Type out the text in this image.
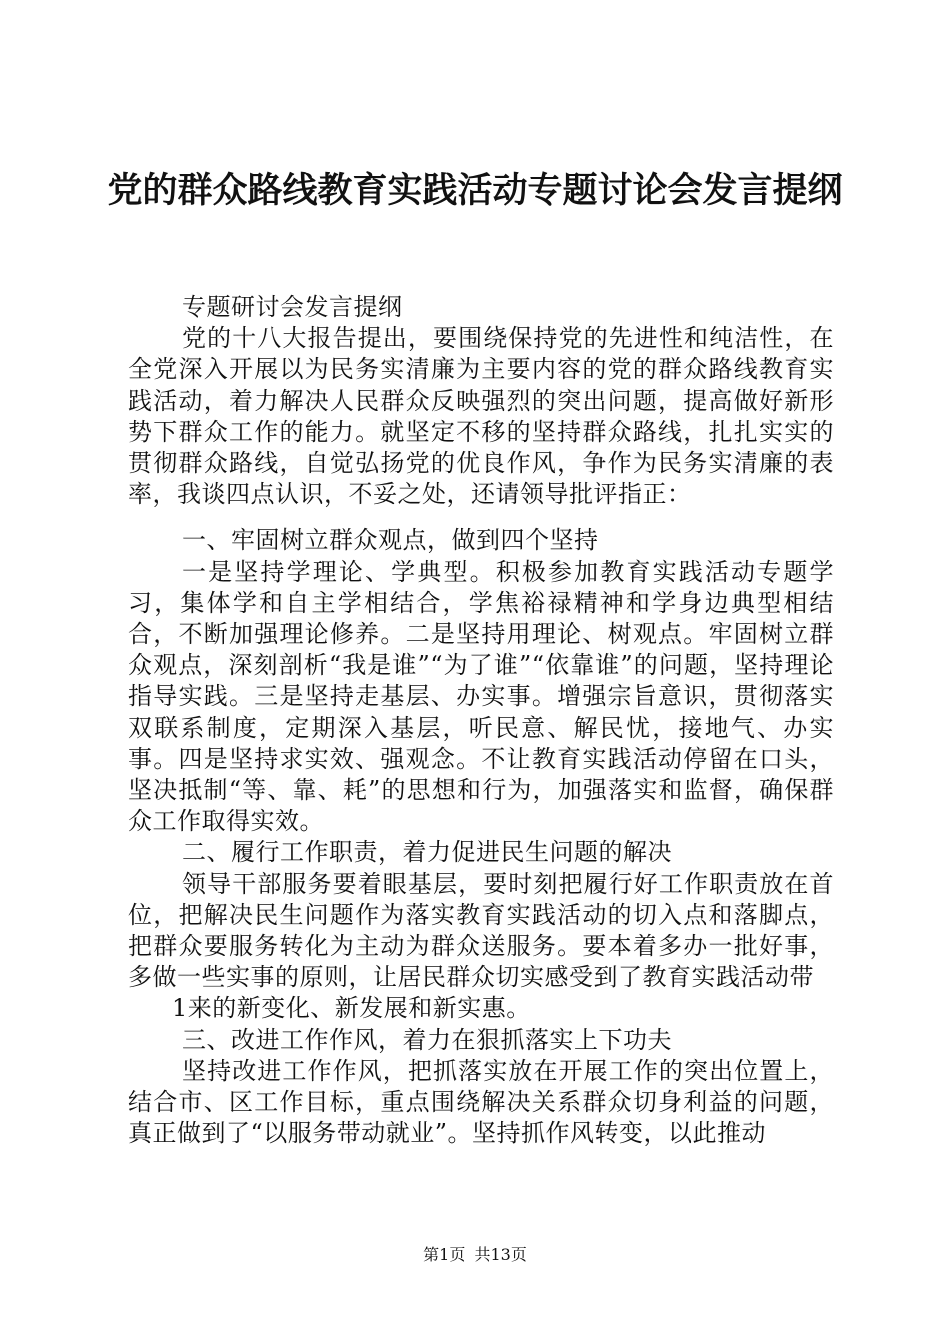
党的群众路线教育实践活动专题讨论会发言提纲

专题研讨会发言提纲

党的十八大报告提出，要围绕保持党的先进性和纯洁性，在全党深入开展以为民务实清廉为主要内容的党的群众路线教育实践活动，着力解决人民群众反映强烈的突出问题，提高做好新形势下群众工作的能力。就坚定不移的坚持群众路线，扎扎实实的贯彻群众路线，自觉弘扬党的优良作风，争作为民务实清廉的表率，我谈四点认识，不妥之处，还请领导批评指正：

一、牢固树立群众观点，做到四个坚持

一是坚持学理论、学典型。积极参加教育实践活动专题学习，集体学和自主学相结合，学焦裕禄精神和学身边典型相结合，不断加强理论修养。二是坚持用理论、树观点。牢固树立群众观点，深刻剖析“我是谁”“为了谁”“依靠谁”的问题，坚持理论指导实践。三是坚持走基层、办实事。增强宗旨意识，贯彻落实双联系制度，定期深入基层，听民意、解民忧，接地气、办实事。四是坚持求实效、强观念。不让教育实践活动停留在口头，坚决抵制“等、靠、耗”的思想和行为，加强落实和监督，确保群众工作取得实效。

二、履行工作职责，着力促进民生问题的解决

领导干部服务要着眼基层，要时刻把履行好工作职责放在首位，把解决民生问题作为落实教育实践活动的切入点和落脚点，把群众要服务转化为主动为群众送服务。要本着多办一批好事，多做一些实事的原则，让居民群众切实感受到了教育实践活动带

1来的新变化、新发展和新实惠。

三、改进工作作风，着力在狠抓落实上下功夫

坚持改进工作作风，把抓落实放在开展工作的突出位置上，结合市、区工作目标，重点围绕解决关系群众切身利益的问题，真正做到了“以服务带动就业”。坚持抓作风转变，以此推动

第1页 共13页
